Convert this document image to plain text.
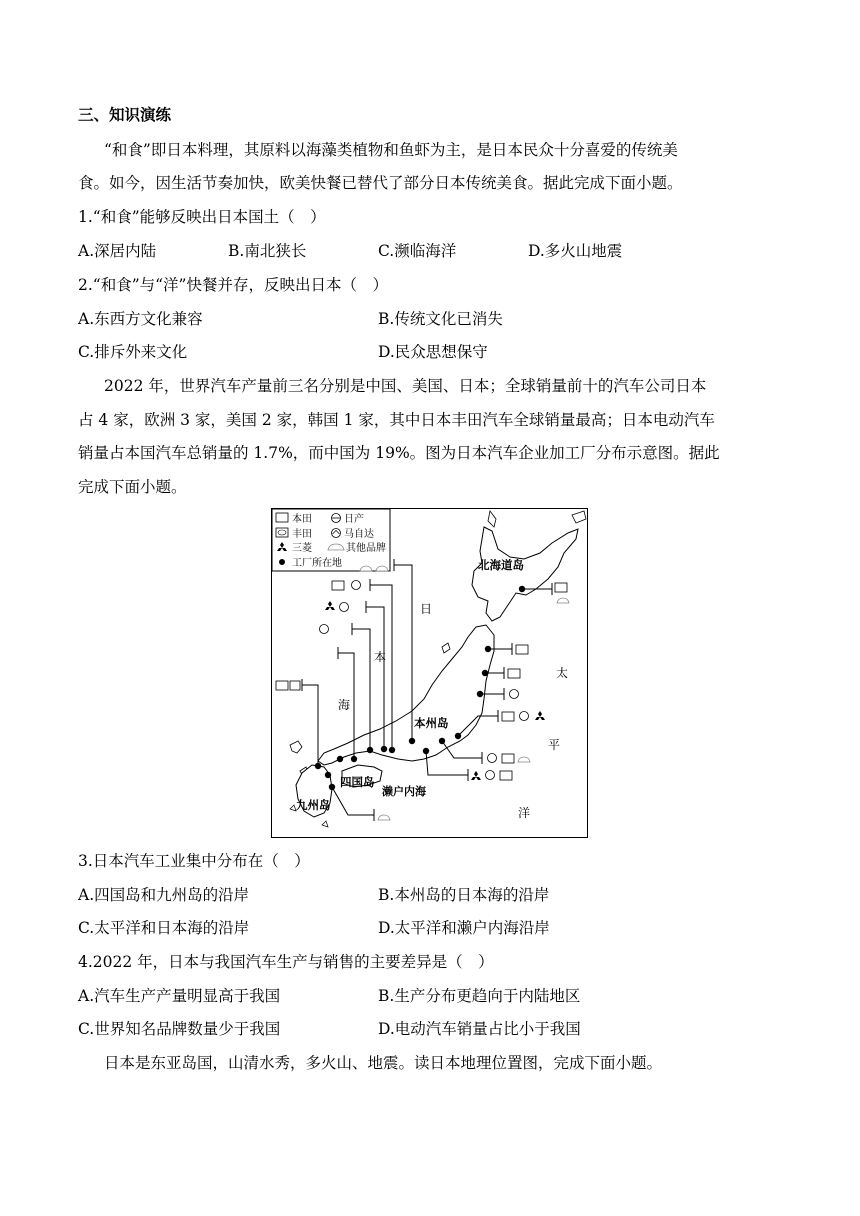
三、知识演练
“和食”即日本料理，其原料以海藻类植物和鱼虾为主，是日本民众十分喜爱的传统美
食。如今，因生活节奏加快，欧美快餐已替代了部分日本传统美食。据此完成下面小题。
1.“和食”能够反映出日本国土（　）
A.深居内陆	B.南北狭长	C.濒临海洋	D.多火山地震
2.“和食”与“洋”快餐并存，反映出日本（　）
A.东西方文化兼容	B.传统文化已消失
C.排斥外来文化	D.民众思想保守
2022 年，世界汽车产量前三名分别是中国、美国、日本；全球销量前十的汽车公司日本
占 4 家，欧洲 3 家，美国 2 家，韩国 1 家，其中日本丰田汽车全球销量最高；日本电动汽车
销量占本国汽车总销量的 1.7%，而中国为 19%。图为日本汽车企业加工厂分布示意图。据此
完成下面小题。
本田	日产
丰田	马自达
三菱	其他品牌
工厂所在地	北海道岛
本州岛
四国岛
九州岛
濑户内海
日
本
海
太
平
洋
3.日本汽车工业集中分布在（　）
A.四国岛和九州岛的沿岸	B.本州岛的日本海的沿岸
C.太平洋和日本海的沿岸	D.太平洋和濑户内海沿岸
4.2022 年，日本与我国汽车生产与销售的主要差异是（　）
A.汽车生产产量明显高于我国	B.生产分布更趋向于内陆地区
C.世界知名品牌数量少于我国	D.电动汽车销量占比小于我国
日本是东亚岛国，山清水秀，多火山、地震。读日本地理位置图，完成下面小题。
